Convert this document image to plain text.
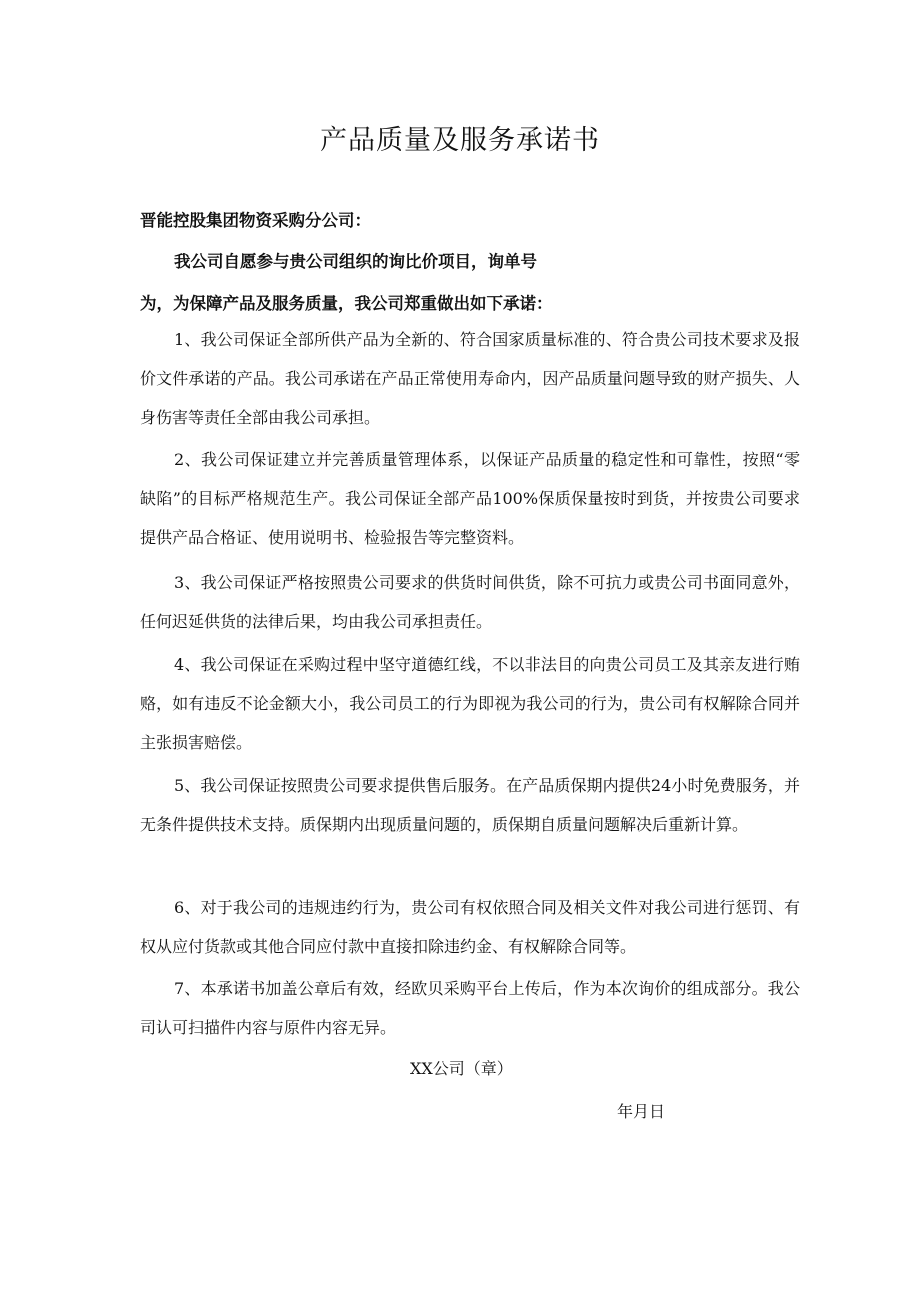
产品质量及服务承诺书

晋能控股集团物资采购分公司：

我公司自愿参与贵公司组织的询比价项目，询单号

为，为保障产品及服务质量，我公司郑重做出如下承诺：

1、我公司保证全部所供产品为全新的、符合国家质量标准的、符合贵公司技术要求及报价文件承诺的产品。我公司承诺在产品正常使用寿命内，因产品质量问题导致的财产损失、人身伤害等责任全部由我公司承担。

2、我公司保证建立并完善质量管理体系，以保证产品质量的稳定性和可靠性，按照“零缺陷”的目标严格规范生产。我公司保证全部产品100%保质保量按时到货，并按贵公司要求提供产品合格证、使用说明书、检验报告等完整资料。

3、我公司保证严格按照贵公司要求的供货时间供货，除不可抗力或贵公司书面同意外，任何迟延供货的法律后果，均由我公司承担责任。

4、我公司保证在采购过程中坚守道德红线，不以非法目的向贵公司员工及其亲友进行贿赂，如有违反不论金额大小，我公司员工的行为即视为我公司的行为，贵公司有权解除合同并主张损害赔偿。

5、我公司保证按照贵公司要求提供售后服务。在产品质保期内提供24小时免费服务，并无条件提供技术支持。质保期内出现质量问题的，质保期自质量问题解决后重新计算。

6、对于我公司的违规违约行为，贵公司有权依照合同及相关文件对我公司进行惩罚、有权从应付货款或其他合同应付款中直接扣除违约金、有权解除合同等。

7、本承诺书加盖公章后有效，经欧贝采购平台上传后，作为本次询价的组成部分。我公司认可扫描件内容与原件内容无异。

XX公司（章）

年月日
